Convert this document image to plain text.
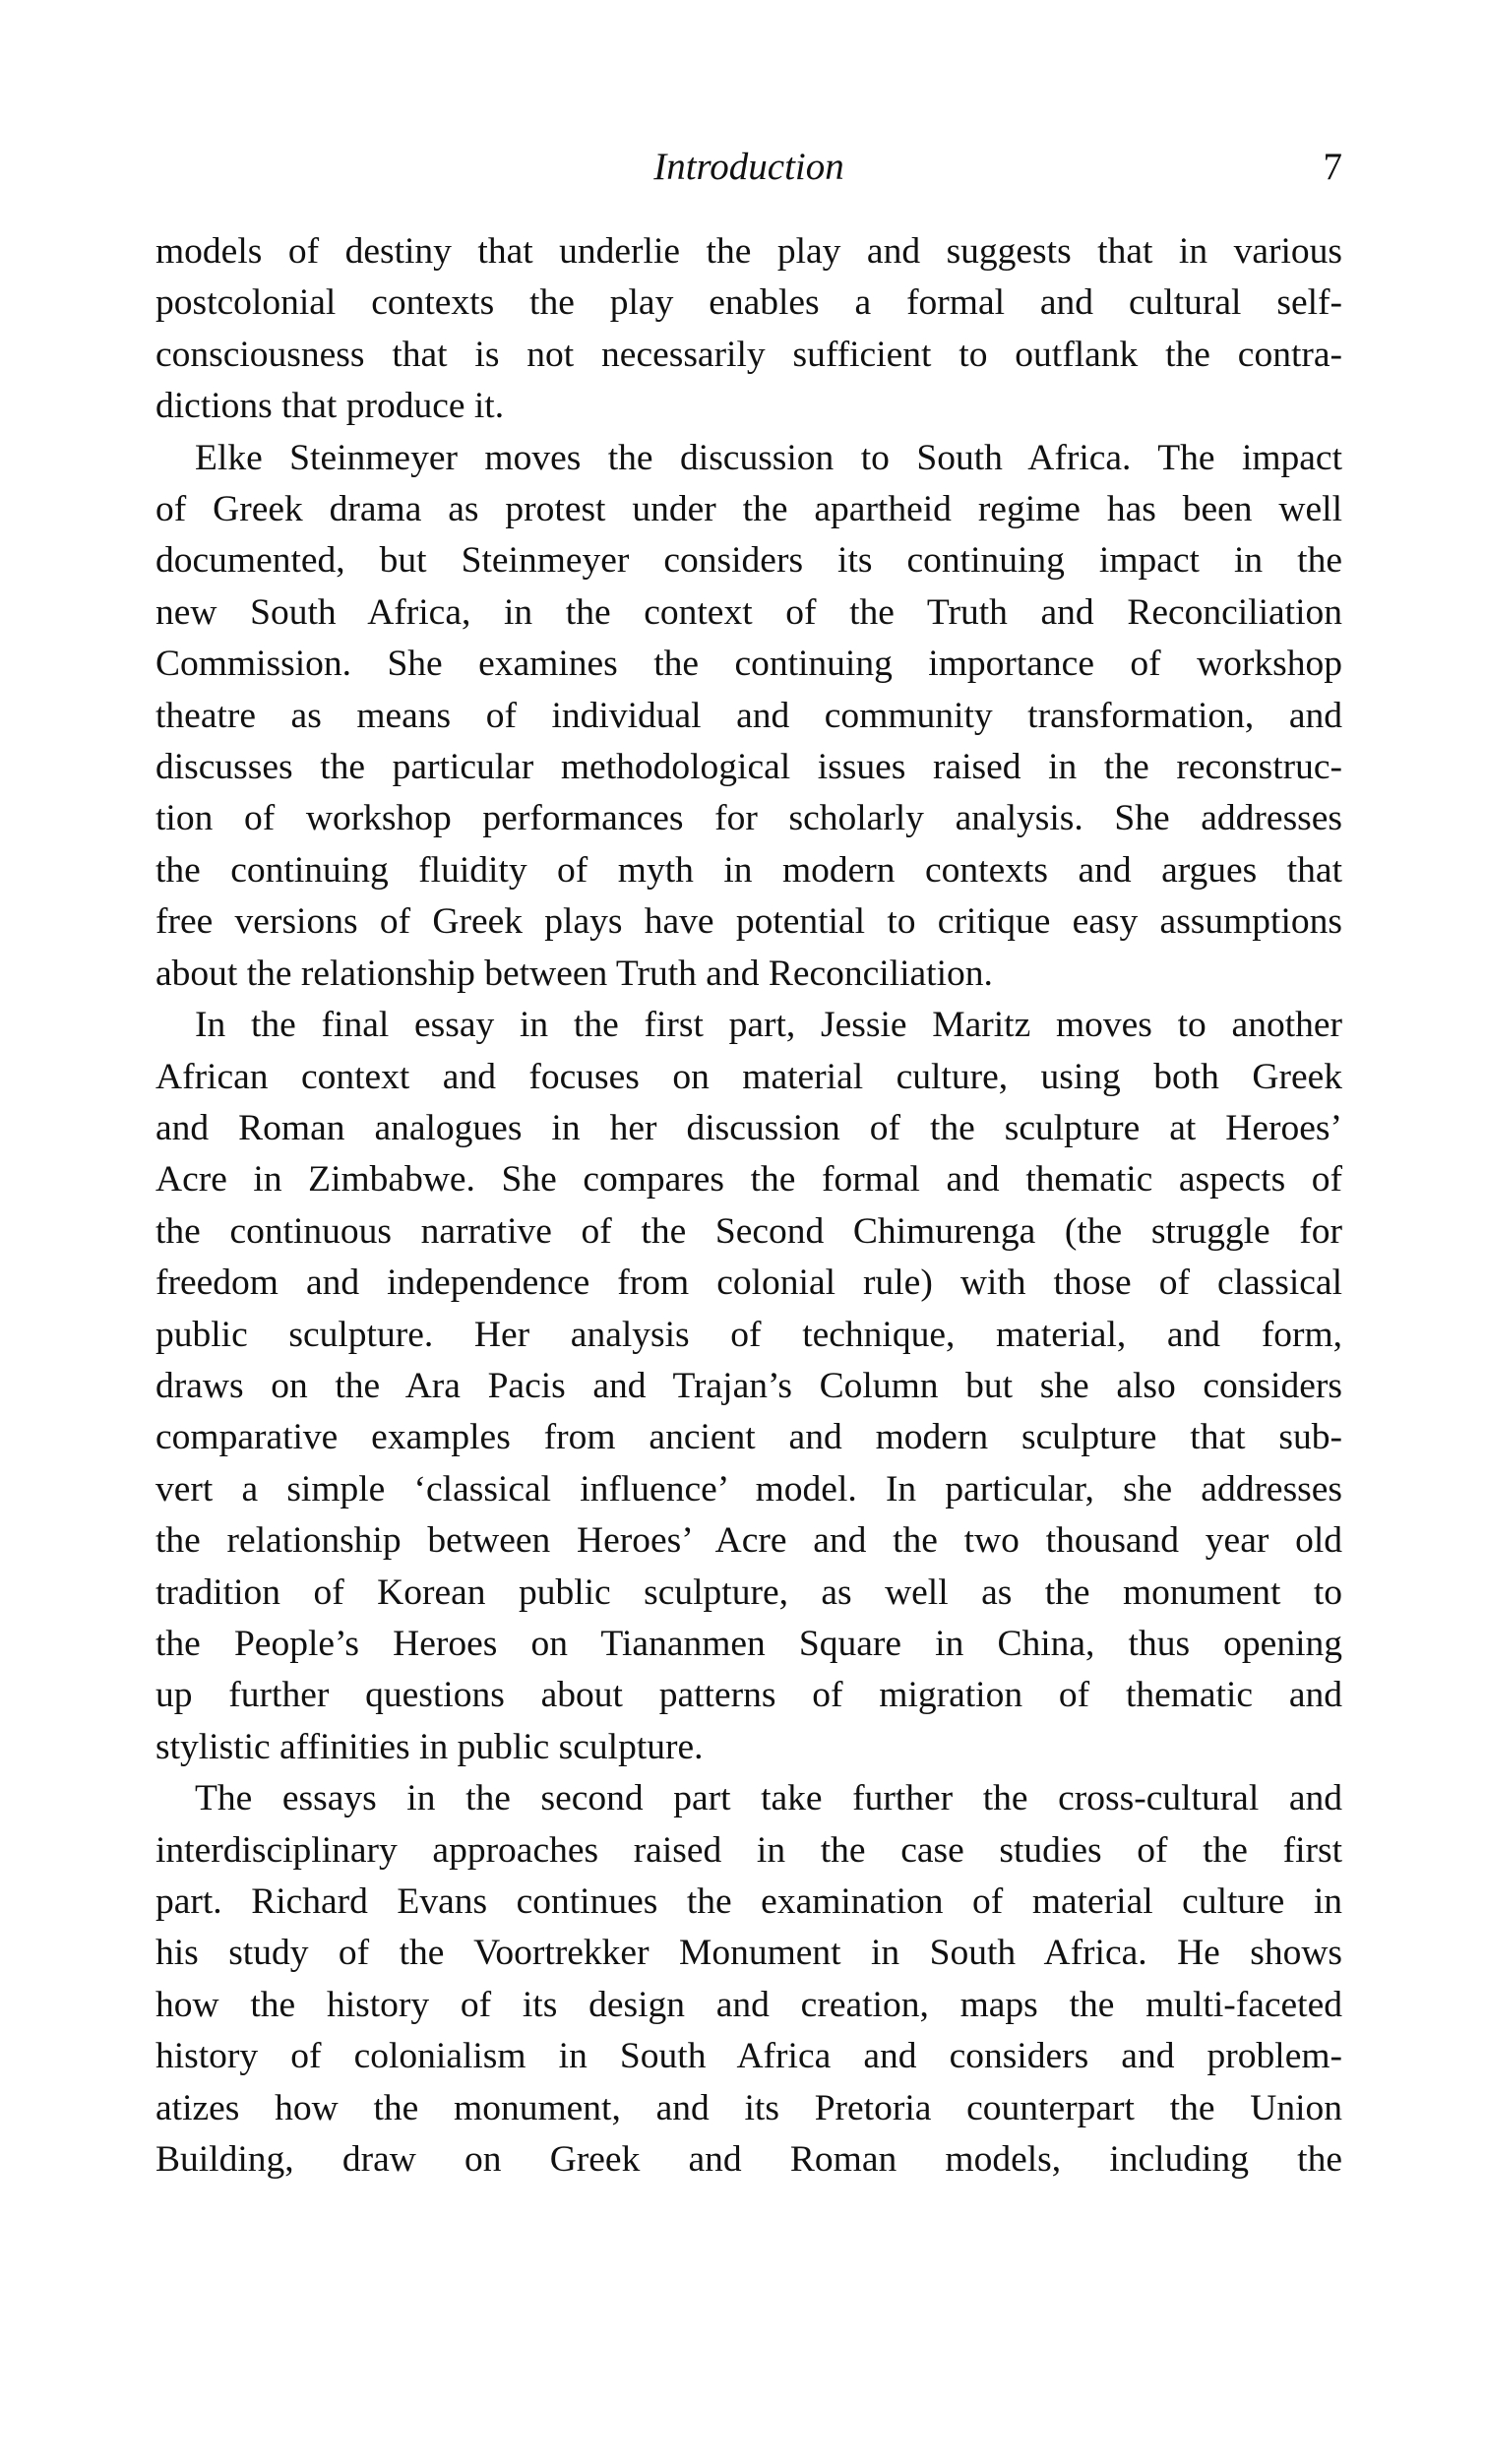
Introduction	7

models of destiny that underlie the play and suggests that in various
postcolonial contexts the play enables a formal and cultural self-
consciousness that is not necessarily sufficient to outflank the contra-
dictions that produce it.

Elke Steinmeyer moves the discussion to South Africa. The impact
of Greek drama as protest under the apartheid regime has been well
documented, but Steinmeyer considers its continuing impact in the
new South Africa, in the context of the Truth and Reconciliation
Commission. She examines the continuing importance of workshop
theatre as means of individual and community transformation, and
discusses the particular methodological issues raised in the reconstruc-
tion of workshop performances for scholarly analysis. She addresses
the continuing fluidity of myth in modern contexts and argues that
free versions of Greek plays have potential to critique easy assumptions
about the relationship between Truth and Reconciliation.

In the final essay in the first part, Jessie Maritz moves to another
African context and focuses on material culture, using both Greek
and Roman analogues in her discussion of the sculpture at Heroes’
Acre in Zimbabwe. She compares the formal and thematic aspects of
the continuous narrative of the Second Chimurenga (the struggle for
freedom and independence from colonial rule) with those of classical
public sculpture. Her analysis of technique, material, and form,
draws on the Ara Pacis and Trajan’s Column but she also considers
comparative examples from ancient and modern sculpture that sub-
vert a simple ‘classical influence’ model. In particular, she addresses
the relationship between Heroes’ Acre and the two thousand year old
tradition of Korean public sculpture, as well as the monument to
the People’s Heroes on Tiananmen Square in China, thus opening
up further questions about patterns of migration of thematic and
stylistic affinities in public sculpture.

The essays in the second part take further the cross-cultural and
interdisciplinary approaches raised in the case studies of the first
part. Richard Evans continues the examination of material culture in
his study of the Voortrekker Monument in South Africa. He shows
how the history of its design and creation, maps the multi-faceted
history of colonialism in South Africa and considers and problem-
atizes how the monument, and its Pretoria counterpart the Union
Building, draw on Greek and Roman models, including the
